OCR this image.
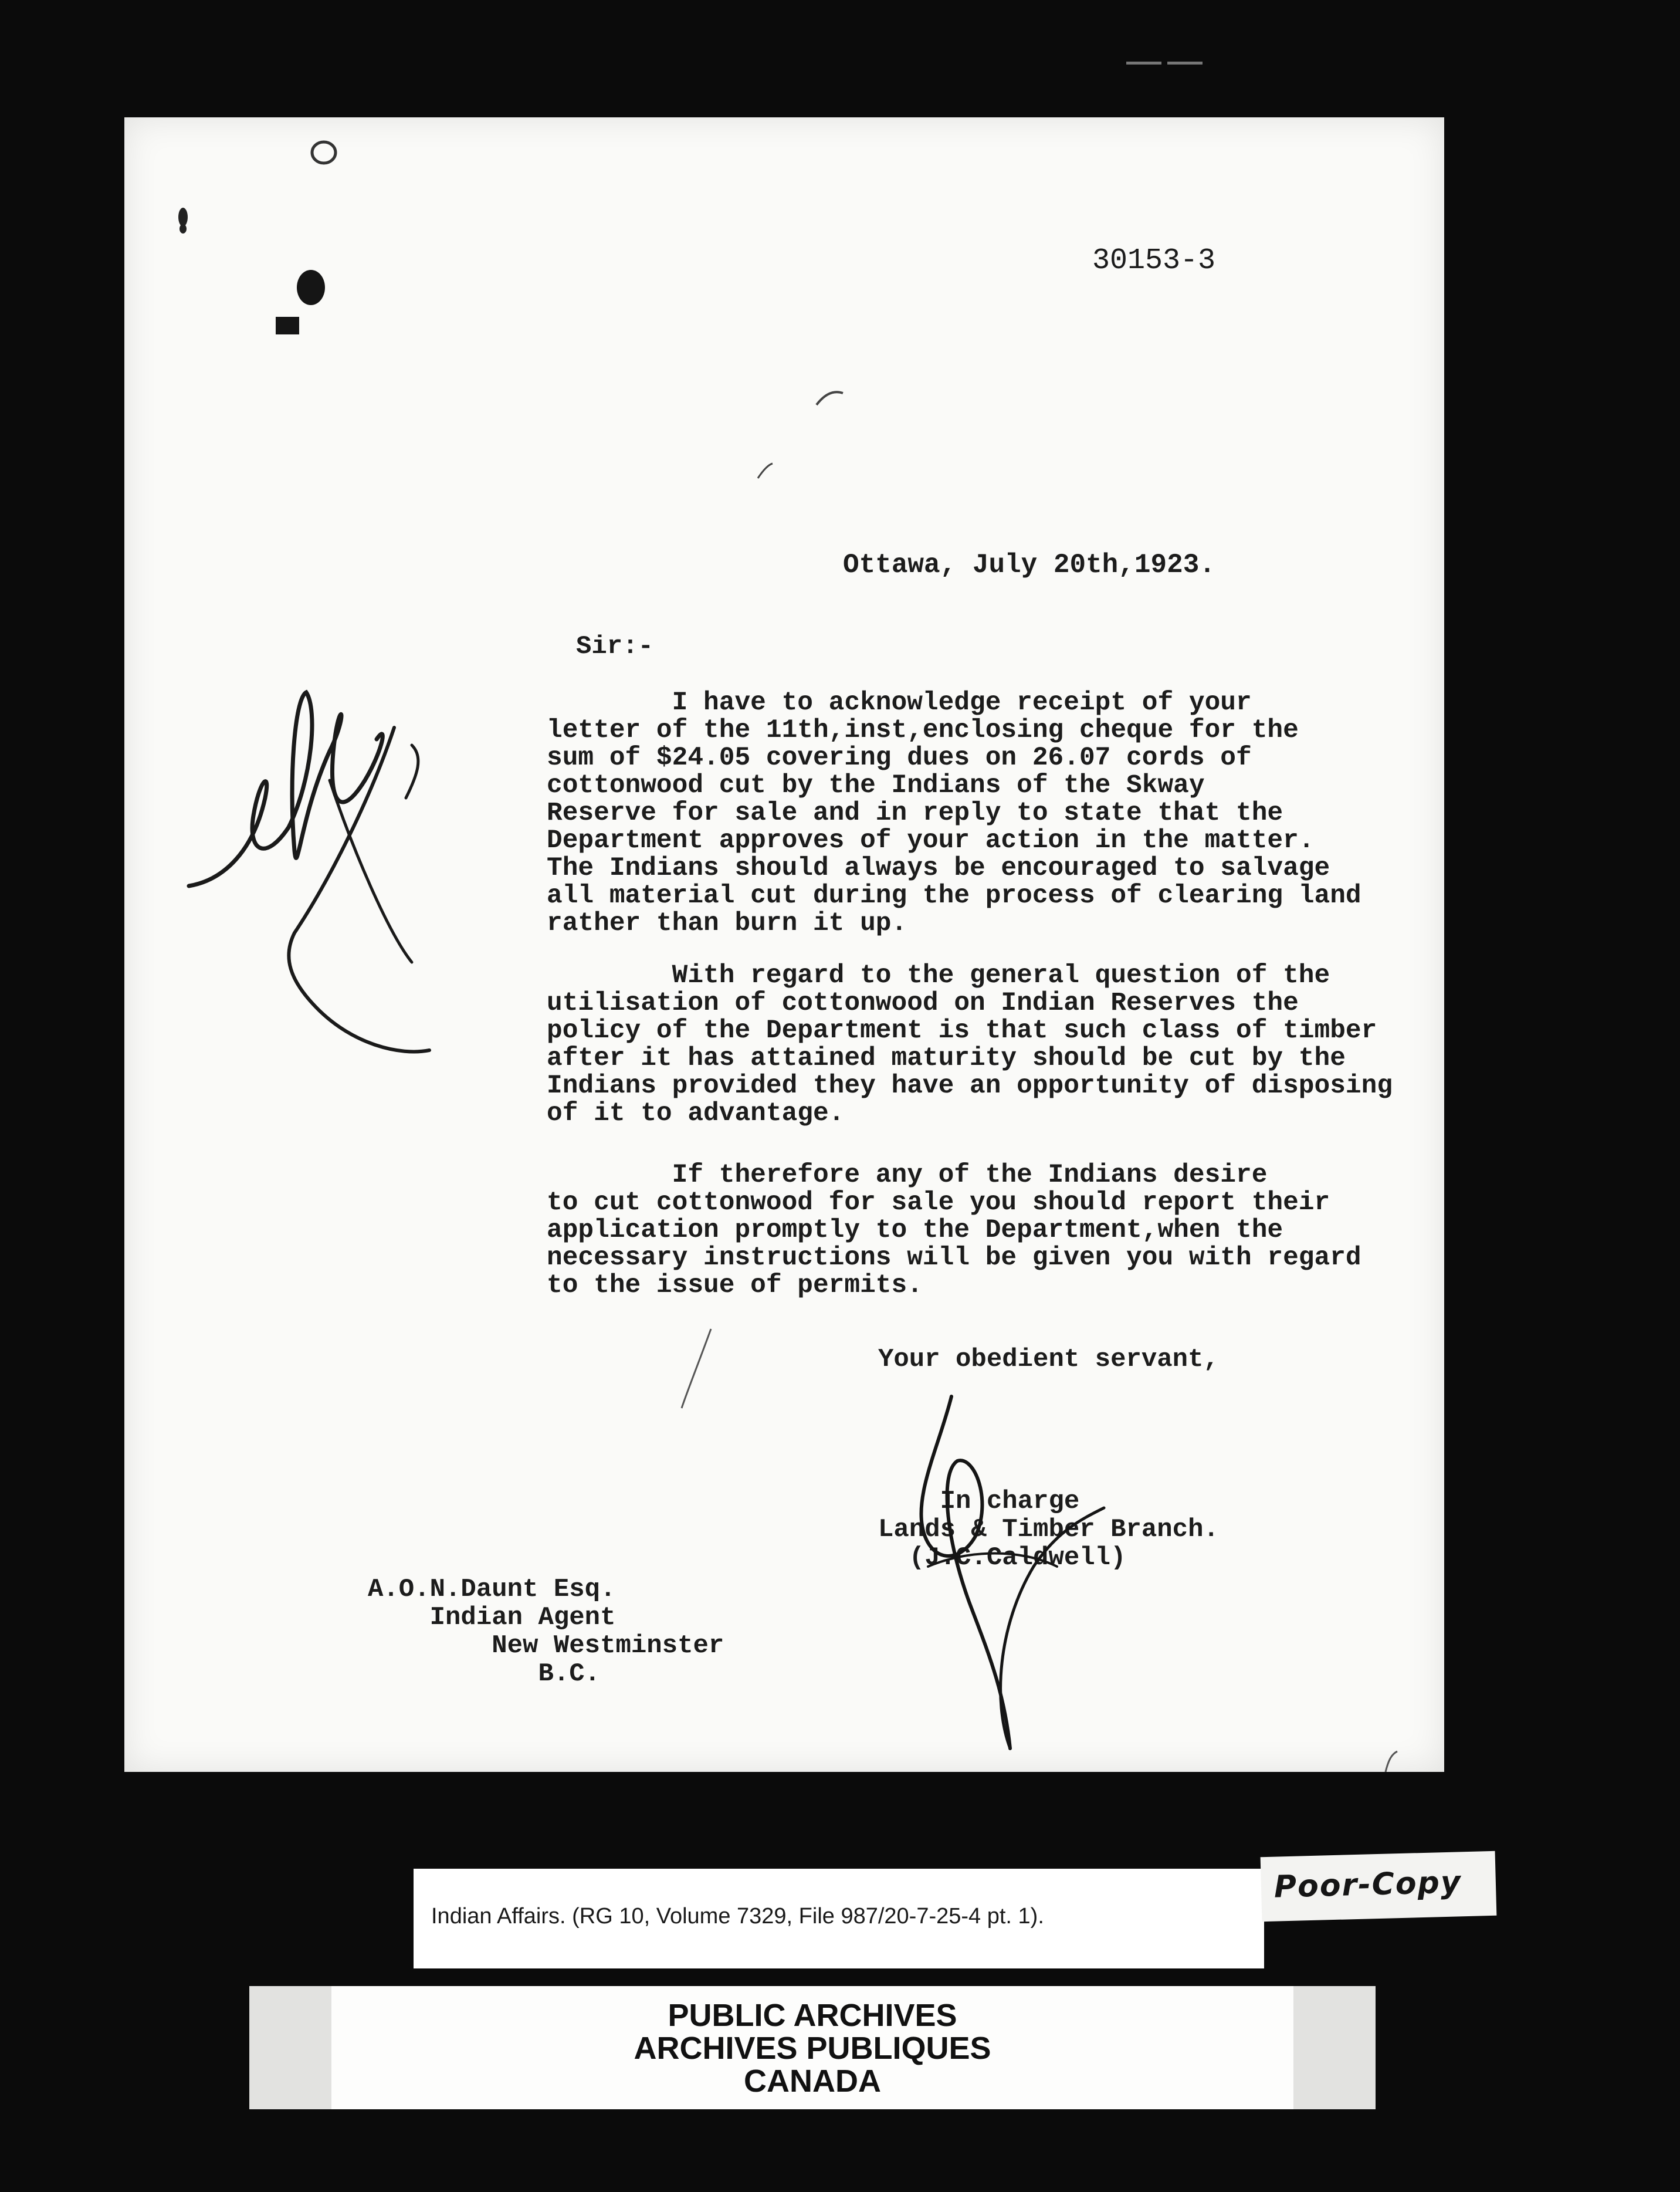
30153-3
Ottawa, July 20th,1923.
Sir:-
I have to acknowledge receipt of your
letter of the 11th,inst,enclosing cheque for the
sum of $24.05 covering dues on 26.07 cords of
cottonwood cut by the Indians of the Skway
Reserve for sale and in reply to state that the
Department approves of your action in the matter.
The Indians should always be encouraged to salvage
all material cut during the process of clearing land
rather than burn it up.
With regard to the general question of the
utilisation of cottonwood on Indian Reserves the
policy of the Department is that such class of timber
after it has attained maturity should be cut by the
Indians provided they have an opportunity of disposing
of it to advantage.
If therefore any of the Indians desire
to cut cottonwood for sale you should report their
application promptly to the Department,when the
necessary instructions will be given you with regard
to the issue of permits.
Your obedient servant,
In charge
Lands & Timber Branch.
(J.C.Caldwell)
A.O.N.Daunt Esq.
Indian Agent
New Westminster
B.C.
Indian Affairs. (RG 10, Volume 7329, File 987/20-7-25-4 pt. 1).
Poor-Copy
PUBLIC ARCHIVES
ARCHIVES PUBLIQUES
CANADA
